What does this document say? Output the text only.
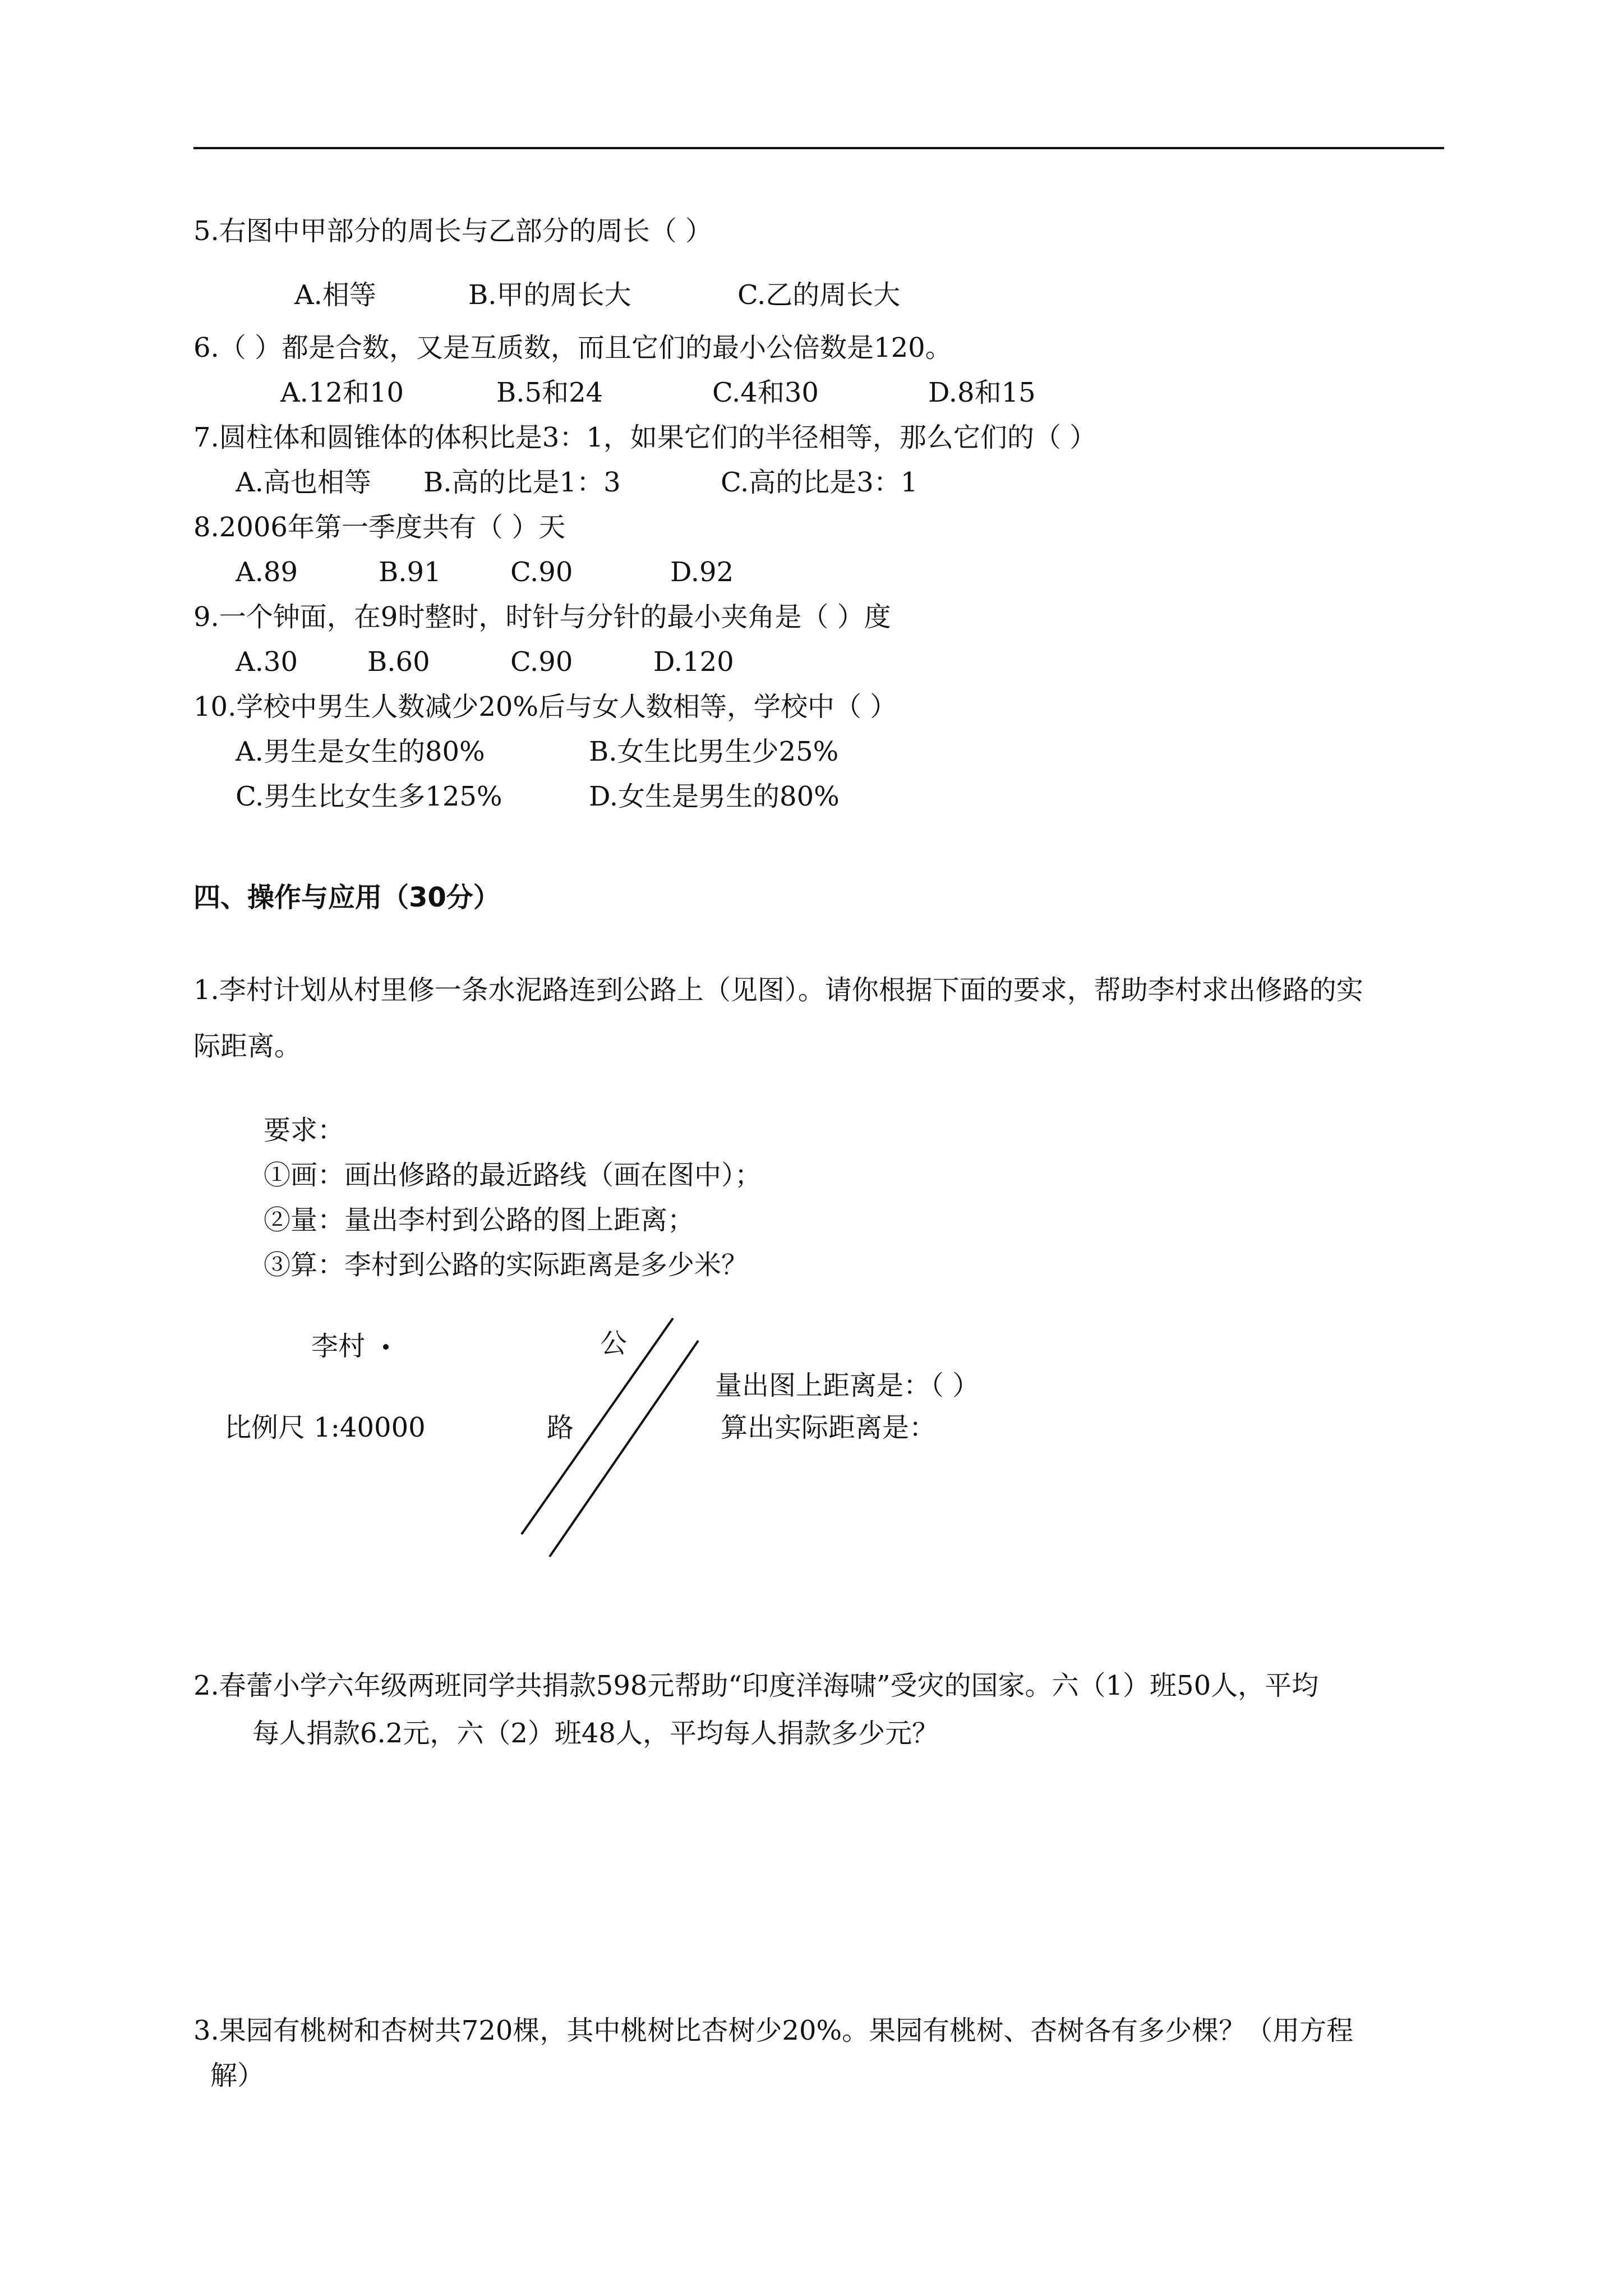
5.右图中甲部分的周长与乙部分的周长（ ）
A.相等	B.甲的周长大	C.乙的周长大
6.（ ）都是合数，又是互质数，而且它们的最小公倍数是120。
A.12和10	B.5和24	C.4和30	D.8和15
7.圆柱体和圆锥体的体积比是3：1，如果它们的半径相等，那么它们的（ ）
A.高也相等 B.高的比是1：3	C.高的比是3：1
8.2006年第一季度共有（ ）天
A.89	B.91	C.90	D.92
9.一个钟面，在9时整时，时针与分针的最小夹角是（ ）度
A.30	B.60	C.90	D.120
10.学校中男生人数减少20%后与女人数相等，学校中（ ）
A.男生是女生的80%	B.女生比男生少25%
C.男生比女生多125%	D.女生是男生的80%
四、操作与应用（30分）
1.李村计划从村里修一条水泥路连到公路上（见图）。请你根据下面的要求，帮助李村求出修路的实
际距离。
要求：
①画：画出修路的最近路线（画在图中）；
②量：量出李村到公路的图上距离；
③算：李村到公路的实际距离是多少米？
李村	公
路
比例尺 1:40000
量出图上距离是：（ ）
算出实际距离是：
2.春蕾小学六年级两班同学共捐款598元帮助“印度洋海啸”受灾的国家。六（1）班50人，平均
每人捐款6.2元，六（2）班48人，平均每人捐款多少元？
3.果园有桃树和杏树共720棵，其中桃树比杏树少20%。果园有桃树、杏树各有多少棵？（用方程
解）
